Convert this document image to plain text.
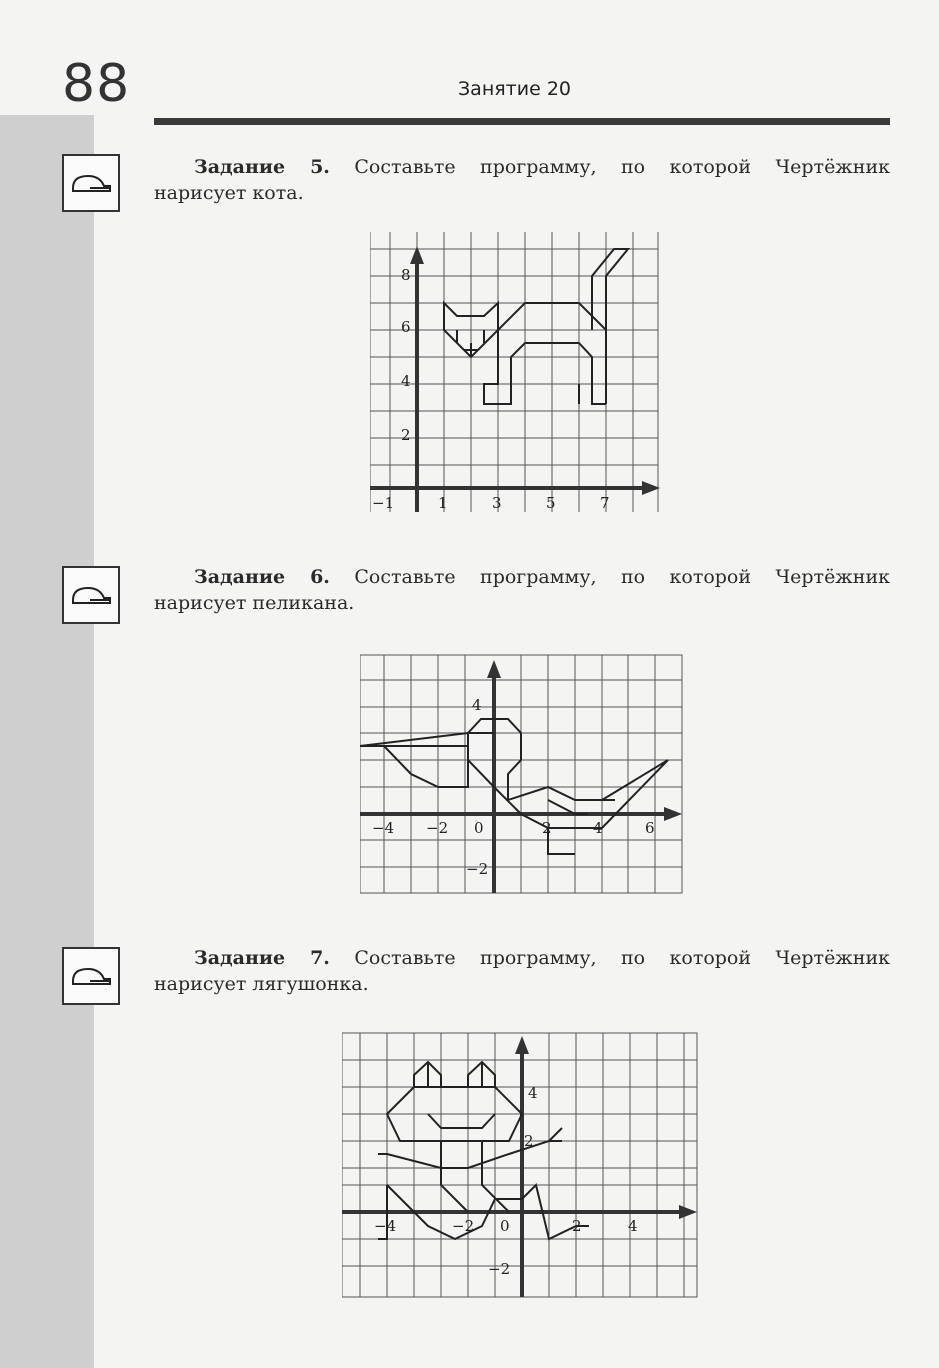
88	Занятие 20
Задание 5. Составьте программу, по которой Чертёжник
нарисует кота.
−1	1	3	5	7
2
4
6
8
Задание 6. Составьте программу, по которой Чертёжник
нарисует пеликана.
−4 −2 0	2	4	6
4
−2
Задание 7. Составьте программу, по которой Чертёжник
нарисует лягушонка.
−4	−2 0	2	4
4
2
−2
